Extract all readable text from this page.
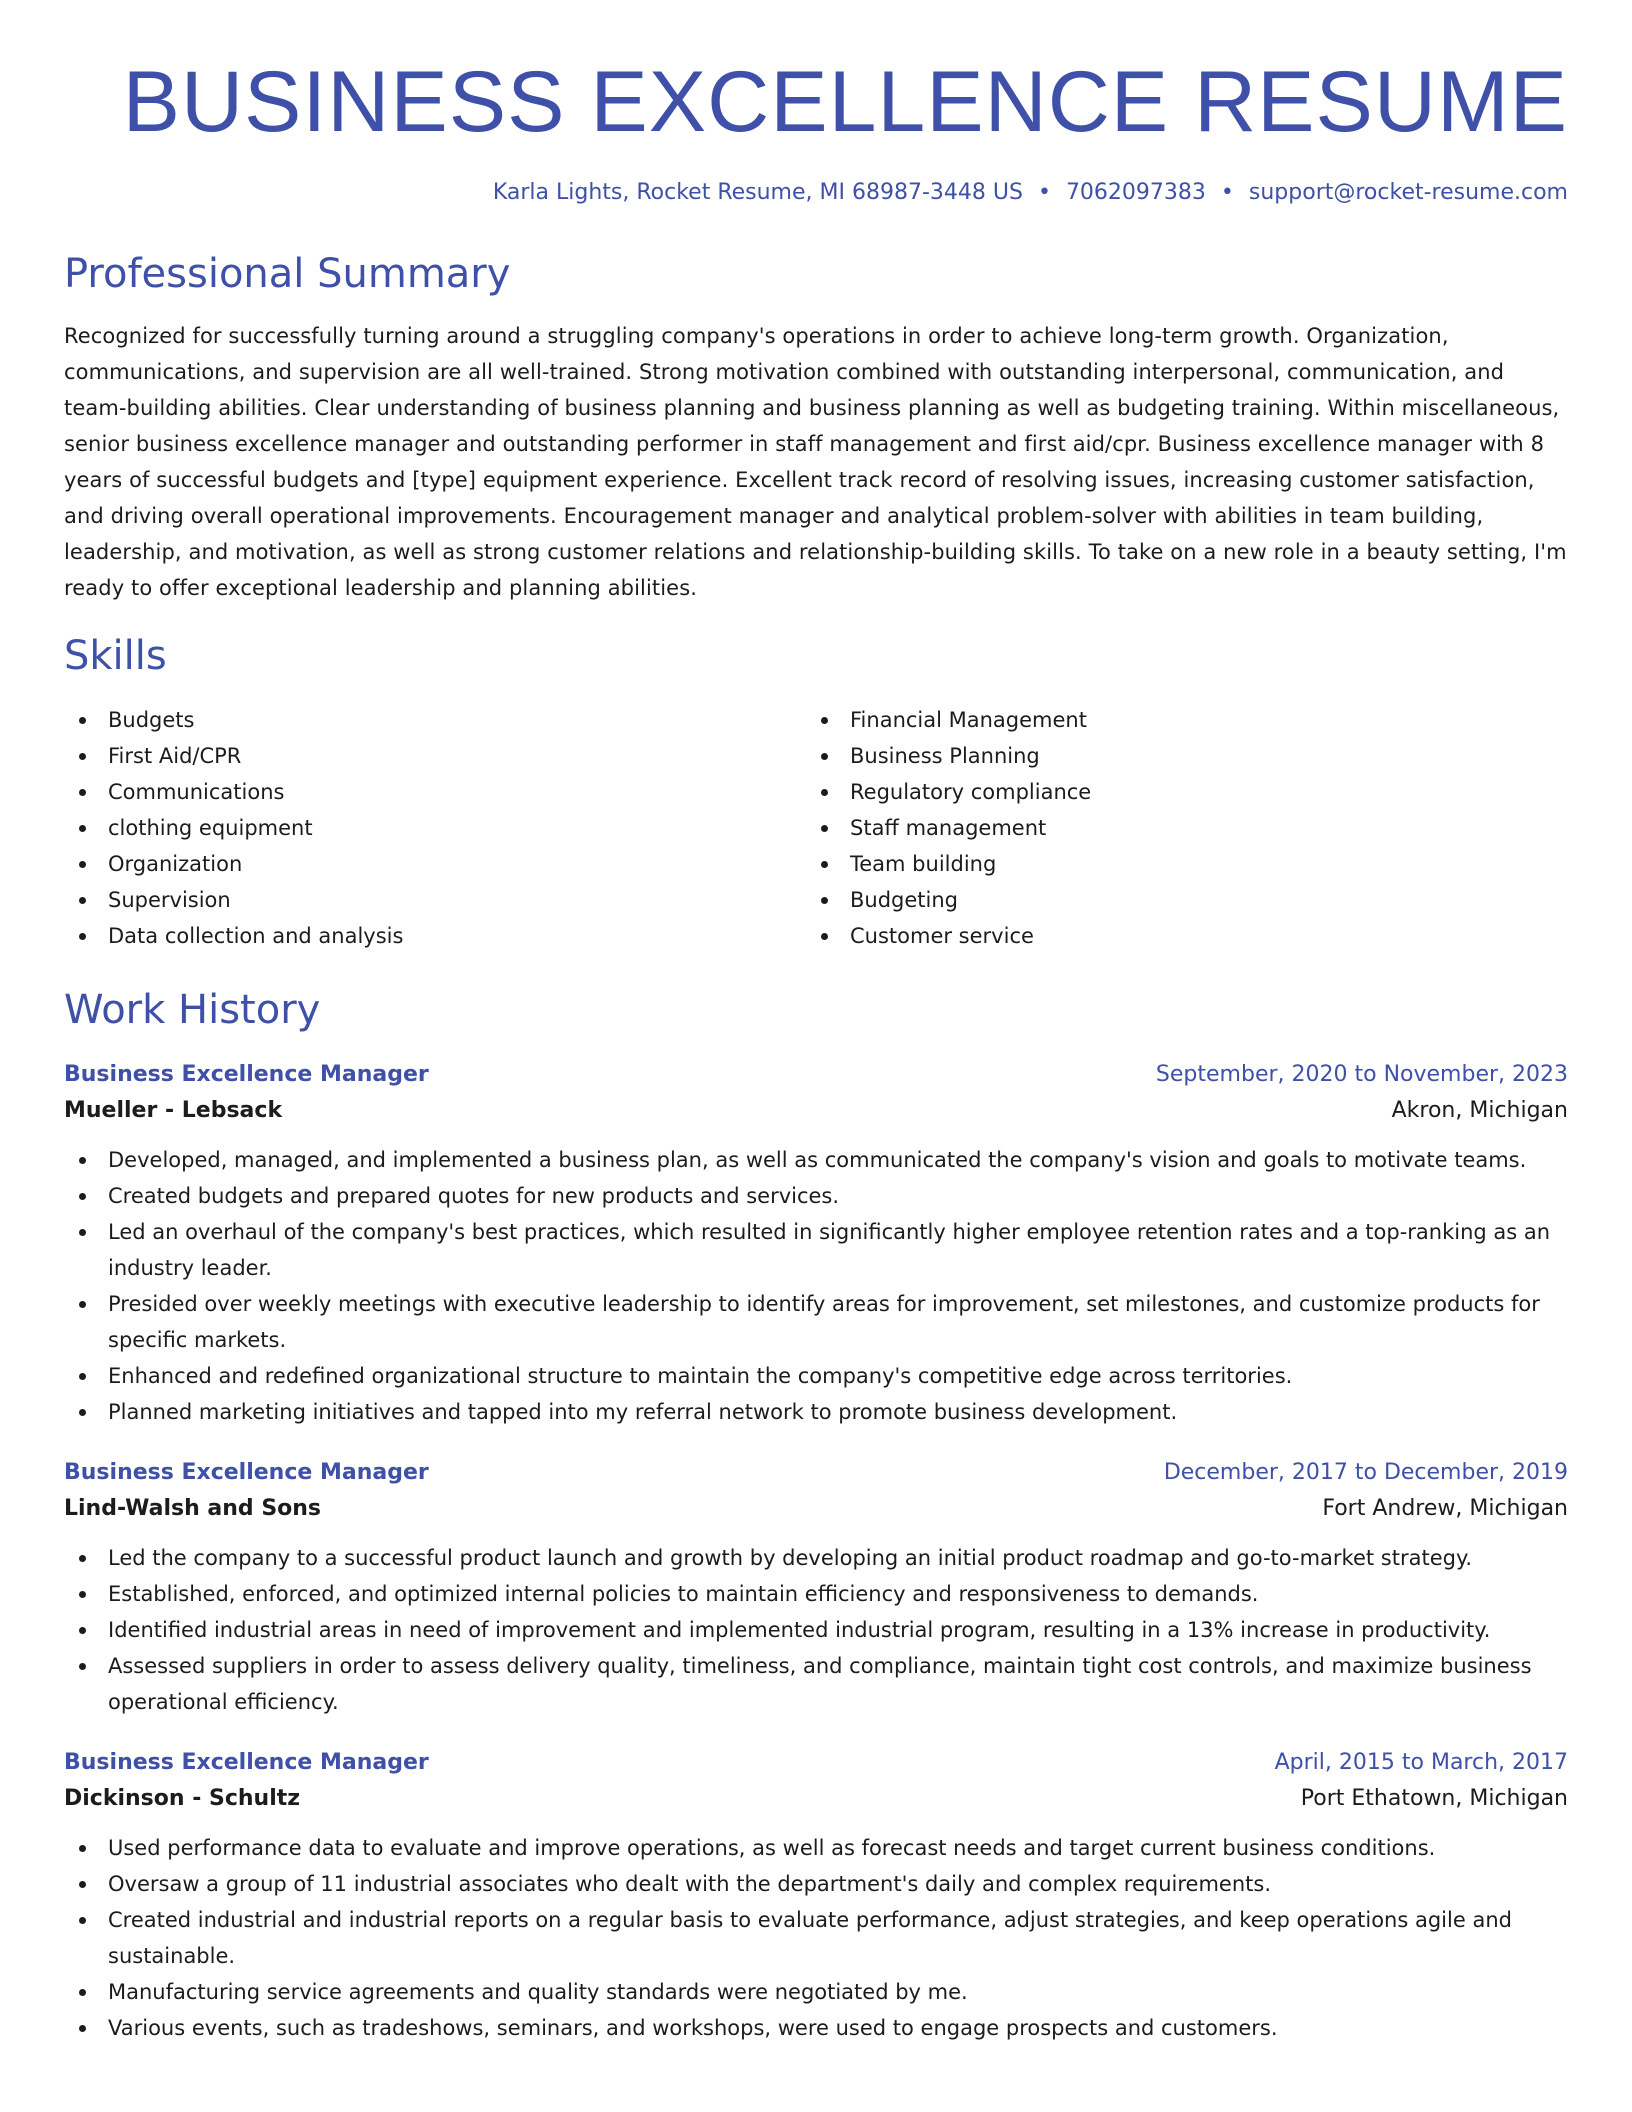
BUSINESS EXCELLENCE RESUME
Karla Lights, Rocket Resume, MI 68987-3448 US • 7062097383 • support@rocket-resume.com
Professional Summary

Recognized for successfully turning around a struggling company's operations in order to achieve long-term growth. Organization, communications, and supervision are all well-trained. Strong motivation combined with outstanding interpersonal, communication, and team-building abilities. Clear understanding of business planning and business planning as well as budgeting training. Within miscellaneous, senior business excellence manager and outstanding performer in staff management and first aid/cpr. Business excellence manager with 8 years of successful budgets and [type] equipment experience. Excellent track record of resolving issues, increasing customer satisfaction, and driving overall operational improvements. Encouragement manager and analytical problem-solver with abilities in team building, leadership, and motivation, as well as strong customer relations and relationship-building skills. To take on a new role in a beauty setting, I'm ready to offer exceptional leadership and planning abilities.

Skills
Budgets
First Aid/CPR
Communications
clothing equipment
Organization
Supervision
Data collection and analysis
Financial Management
Business Planning
Regulatory compliance
Staff management
Team building
Budgeting
Customer service
Work History
Business Excellence Manager	September, 2020 to November, 2023
Mueller - Lebsack	Akron, Michigan
Developed, managed, and implemented a business plan, as well as communicated the company's vision and goals to motivate teams.
Created budgets and prepared quotes for new products and services.
Led an overhaul of the company's best practices, which resulted in significantly higher employee retention rates and a top-ranking as an industry leader.
Presided over weekly meetings with executive leadership to identify areas for improvement, set milestones, and customize products for specific markets.
Enhanced and redefined organizational structure to maintain the company's competitive edge across territories.
Planned marketing initiatives and tapped into my referral network to promote business development.
Business Excellence Manager	December, 2017 to December, 2019
Lind-Walsh and Sons	Fort Andrew, Michigan
Led the company to a successful product launch and growth by developing an initial product roadmap and go-to-market strategy.
Established, enforced, and optimized internal policies to maintain efficiency and responsiveness to demands.
Identified industrial areas in need of improvement and implemented industrial program, resulting in a 13% increase in productivity.
Assessed suppliers in order to assess delivery quality, timeliness, and compliance, maintain tight cost controls, and maximize business operational efficiency.
Business Excellence Manager	April, 2015 to March, 2017
Dickinson - Schultz	Port Ethatown, Michigan
Used performance data to evaluate and improve operations, as well as forecast needs and target current business conditions.
Oversaw a group of 11 industrial associates who dealt with the department's daily and complex requirements.
Created industrial and industrial reports on a regular basis to evaluate performance, adjust strategies, and keep operations agile and sustainable.
Manufacturing service agreements and quality standards were negotiated by me.
Various events, such as tradeshows, seminars, and workshops, were used to engage prospects and customers.
